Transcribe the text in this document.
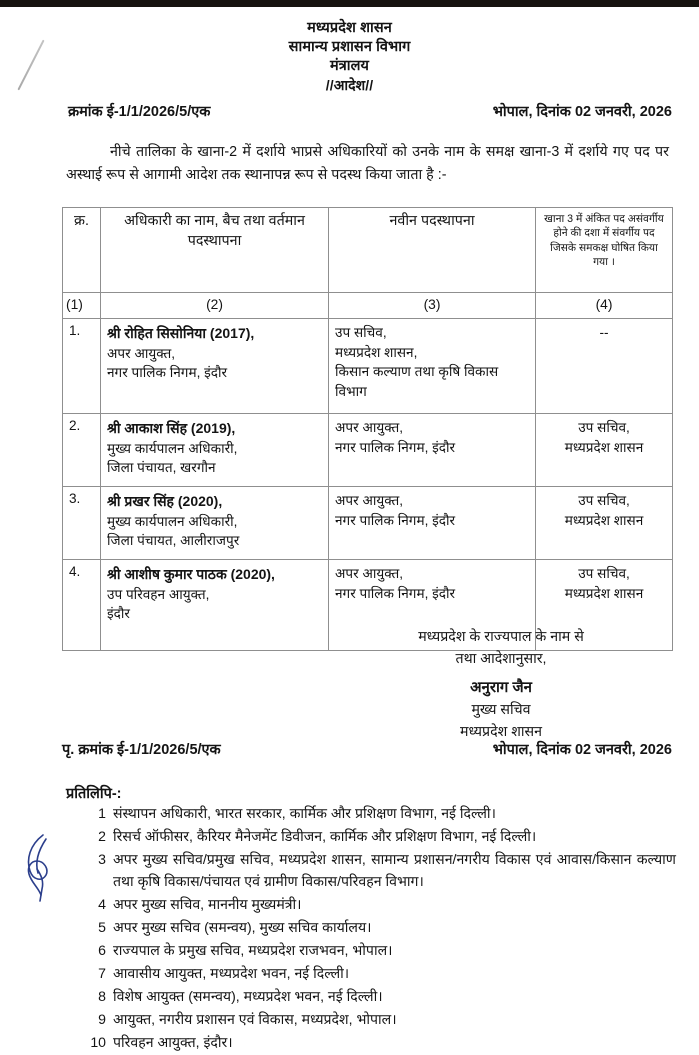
मध्यप्रदेश शासन
सामान्य प्रशासन विभाग
मंत्रालय
//आदेश//
क्रमांक ई-1/1/2026/5/एक	भोपाल, दिनांक 02 जनवरी, 2026

नीचे तालिका के खाना-2 में दर्शाये भाप्रसे अधिकारियों को उनके नाम के समक्ष खाना-3 में दर्शाये गए पद पर अस्थाई रूप से आगामी आदेश तक स्थानापन्न रूप से पदस्थ किया जाता है :-

क्र.	अधिकारी का नाम, बैच तथा वर्तमान पदस्थापना	नवीन पदस्थापना	खाना 3 में अंकित पद असंवर्गीय होने की दशा में संवर्गीय पद जिसके समकक्ष घोषित किया गया ।
(1)	(2)	(3)	(4)
1.	श्री रोहित सिसोनिया (2017),
अपर आयुक्त,
नगर पालिक निगम, इंदौर	उप सचिव,
मध्यप्रदेश शासन,
किसान कल्याण तथा कृषि विकास
विभाग	--

2.	श्री आकाश सिंह (2019),
मुख्य कार्यपालन अधिकारी,
जिला पंचायत, खरगौन	अपर आयुक्त,
नगर पालिक निगम, इंदौर	उप सचिव,
मध्यप्रदेश शासन
3.	श्री प्रखर सिंह (2020),
मुख्य कार्यपालन अधिकारी,
जिला पंचायत, आलीराजपुर	अपर आयुक्त,
नगर पालिक निगम, इंदौर	उप सचिव,
मध्यप्रदेश शासन
4.	श्री आशीष कुमार पाठक (2020),
उप परिवहन आयुक्त,
इंदौर	अपर आयुक्त,
नगर पालिक निगम, इंदौर	उप सचिव,
मध्यप्रदेश शासन
मध्यप्रदेश के राज्यपाल के नाम से
तथा आदेशानुसार,
अनुराग जैन
मुख्य सचिव
मध्यप्रदेश शासन
पृ. क्रमांक ई-1/1/2026/5/एक	भोपाल, दिनांक 02 जनवरी, 2026
प्रतिलिपि-:
1 संस्थापन अधिकारी, भारत सरकार, कार्मिक और प्रशिक्षण विभाग, नई दिल्ली।
2 रिसर्च ऑफीसर, कैरियर मैनेजमेंट डिवीजन, कार्मिक और प्रशिक्षण विभाग, नई दिल्ली।
3 अपर मुख्य सचिव/प्रमुख सचिव, मध्यप्रदेश शासन, सामान्य प्रशासन/नगरीय विकास एवं आवास/किसान कल्याण तथा कृषि विकास/पंचायत एवं ग्रामीण विकास/परिवहन विभाग।
4 अपर मुख्य सचिव, माननीय मुख्यमंत्री।
5 अपर मुख्य सचिव (समन्वय), मुख्य सचिव कार्यालय।
6 राज्यपाल के प्रमुख सचिव, मध्यप्रदेश राजभवन, भोपाल।
7 आवासीय आयुक्त, मध्यप्रदेश भवन, नई दिल्ली।
8 विशेष आयुक्त (समन्वय), मध्यप्रदेश भवन, नई दिल्ली।
9 आयुक्त, नगरीय प्रशासन एवं विकास, मध्यप्रदेश, भोपाल।
10 परिवहन आयुक्त, इंदौर।
